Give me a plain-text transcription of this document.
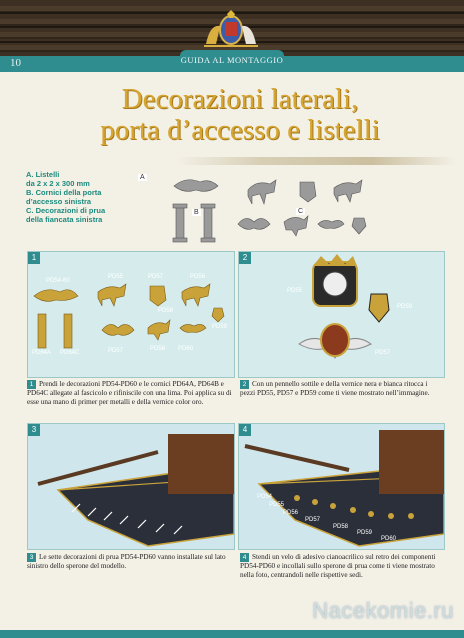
10	GUIDA AL MONTAGGIO
Decorazioni laterali,
porta d’accesso e listelli
A. Listelli
da 2 x 2 x 300 mm
B. Cornici della porta
d’accesso sinistra
C. Decorazioni di prua
della fiancata sinistra
A
B	C
1
PD54-60
PD55	PD57
PD58
PD56
PD59
PD64A PD64C	PD57	PD58 PD60
1 Prendi le decorazioni PD54-PD60 e le cornici PD64A, PD64B e PD64C allegate al fascicolo e rifiniscile con una lima. Poi applica su di esse una mano di primer per metalli e della vernice color oro.
2
PD55
PD59
PD57
2 Con un pennello sottile e della vernice nera e bianca ritocca i pezzi PD55, PD57 e PD59 come ti viene mostrato nell’immagine.
3
3 Le sette decorazioni di prua PD54-PD60 vanno installate sul lato sinistro dello sperone del modello.
4
PD54
PD55
PD56
PD57
PD58
PD59
PD60
4 Stendi un velo di adesivo cianoacrilico sul retro dei componenti PD54-PD60 e incollali sullo sperone di prua come ti viene mostrato nella foto, centrandoli nelle rispettive sedi.
Nacekomie.ru
